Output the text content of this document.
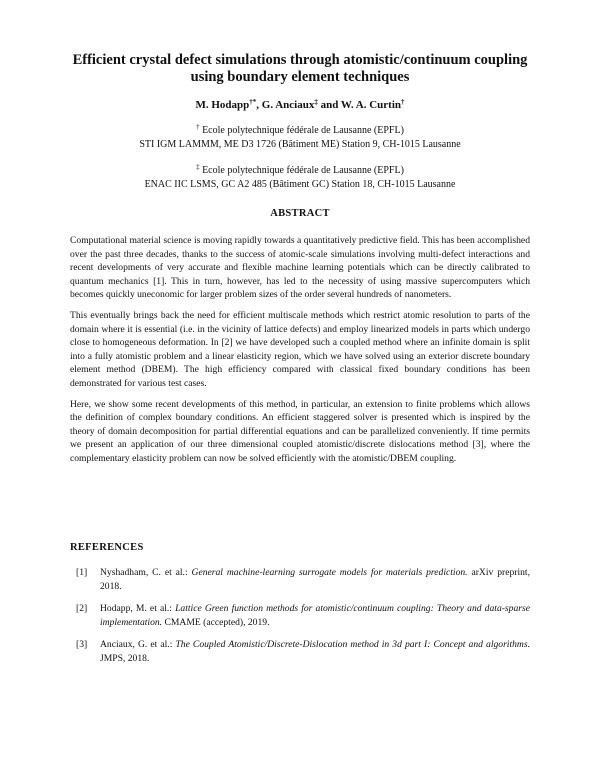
Efficient crystal defect simulations through atomistic/continuum coupling using boundary element techniques
M. Hodapp†*, G. Anciaux‡ and W. A. Curtin†
† Ecole polytechnique fédérale de Lausanne (EPFL)
STI IGM LAMMM, ME D3 1726 (Bâtiment ME) Station 9, CH-1015 Lausanne
‡ Ecole polytechnique fédérale de Lausanne (EPFL)
ENAC IIC LSMS, GC A2 485 (Bâtiment GC) Station 18, CH-1015 Lausanne
ABSTRACT

Computational material science is moving rapidly towards a quantitatively predictive field. This has been accomplished over the past three decades, thanks to the success of atomic-scale simulations involving multi-defect interactions and recent developments of very accurate and flexible machine learning potentials which can be directly calibrated to quantum mechanics [1]. This in turn, however, has led to the necessity of using massive supercomputers which becomes quickly uneconomic for larger problem sizes of the order several hundreds of nanometers.

This eventually brings back the need for efficient multiscale methods which restrict atomic resolution to parts of the domain where it is essential (i.e. in the vicinity of lattice defects) and employ linearized models in parts which undergo close to homogeneous deformation. In [2] we have developed such a coupled method where an infinite domain is split into a fully atomistic problem and a linear elasticity region, which we have solved using an exterior discrete boundary element method (DBEM). The high efficiency compared with classical fixed boundary conditions has been demonstrated for various test cases.

Here, we show some recent developments of this method, in particular, an extension to finite problems which allows the definition of complex boundary conditions. An efficient staggered solver is presented which is inspired by the theory of domain decomposition for partial differential equations and can be parallelized conveniently. If time permits we present an application of our three dimensional coupled atomistic/discrete dislocations method [3], where the complementary elasticity problem can now be solved efficiently with the atomistic/DBEM coupling.

REFERENCES
[1]	Nyshadham, C. et al.: General machine-learning surrogate models for materials prediction. arXiv preprint, 2018.
[2]	Hodapp, M. et al.: Lattice Green function methods for atomistic/continuum coupling: Theory and data-sparse implementation. CMAME (accepted), 2019.
[3]	Anciaux, G. et al.: The Coupled Atomistic/Discrete-Dislocation method in 3d part I: Concept and algorithms. JMPS, 2018.
